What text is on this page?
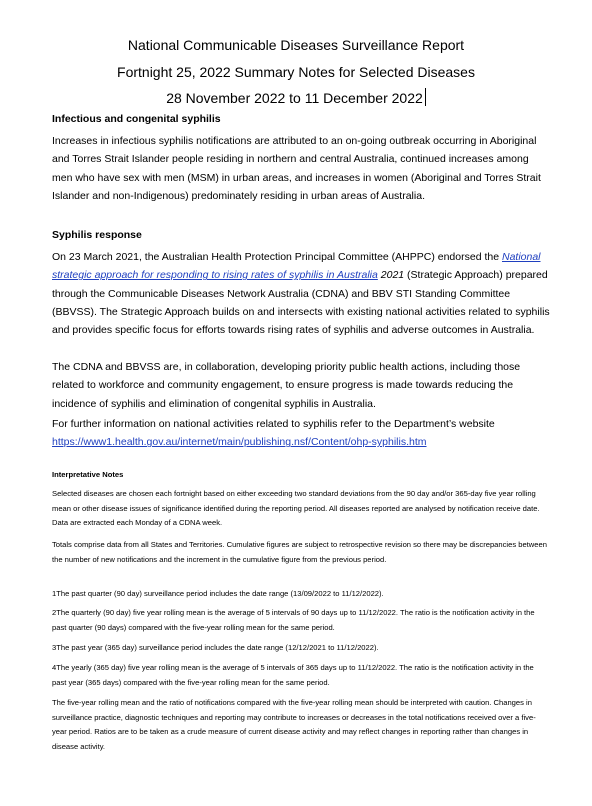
National Communicable Diseases Surveillance Report
Fortnight 25, 2022 Summary Notes for Selected Diseases
28 November 2022 to 11 December 2022
Infectious and congenital syphilis

Increases in infectious syphilis notifications are attributed to an on-going outbreak occurring in Aboriginal and Torres Strait Islander people residing in northern and central Australia, continued increases among men who have sex with men (MSM) in urban areas, and increases in women (Aboriginal and Torres Strait Islander and non-Indigenous) predominately residing in urban areas of Australia.

Syphilis response

On 23 March 2021, the Australian Health Protection Principal Committee (AHPPC) endorsed the National strategic approach for responding to rising rates of syphilis in Australia 2021 (Strategic Approach) prepared through the Communicable Diseases Network Australia (CDNA) and BBV STI Standing Committee (BBVSS). The Strategic Approach builds on and intersects with existing national activities related to syphilis and provides specific focus for efforts towards rising rates of syphilis and adverse outcomes in Australia.

The CDNA and BBVSS are, in collaboration, developing priority public health actions, including those related to workforce and community engagement, to ensure progress is made towards reducing the incidence of syphilis and elimination of congenital syphilis in Australia.

For further information on national activities related to syphilis refer to the Department’s website

https://www1.health.gov.au/internet/main/publishing.nsf/Content/ohp-syphilis.htm

Interpretative Notes
Selected diseases are chosen each fortnight based on either exceeding two standard deviations from the 90 day and/or 365-day five year rolling mean or other disease issues of significance identified during the reporting period. All diseases reported are analysed by notification receive date. Data are extracted each Monday of a CDNA week.
Totals comprise data from all States and Territories. Cumulative figures are subject to retrospective revision so there may be discrepancies between the number of new notifications and the increment in the cumulative figure from the previous period.
1The past quarter (90 day) surveillance period includes the date range (13/09/2022 to 11/12/2022).
2The quarterly (90 day) five year rolling mean is the average of 5 intervals of 90 days up to 11/12/2022. The ratio is the notification activity in the past quarter (90 days) compared with the five-year rolling mean for the same period.
3The past year (365 day) surveillance period includes the date range (12/12/2021 to 11/12/2022).
4The yearly (365 day) five year rolling mean is the average of 5 intervals of 365 days up to 11/12/2022. The ratio is the notification activity in the past year (365 days) compared with the five-year rolling mean for the same period.
The five-year rolling mean and the ratio of notifications compared with the five-year rolling mean should be interpreted with caution. Changes in surveillance practice, diagnostic techniques and reporting may contribute to increases or decreases in the total notifications received over a five-year period. Ratios are to be taken as a crude measure of current disease activity and may reflect changes in reporting rather than changes in disease activity.
